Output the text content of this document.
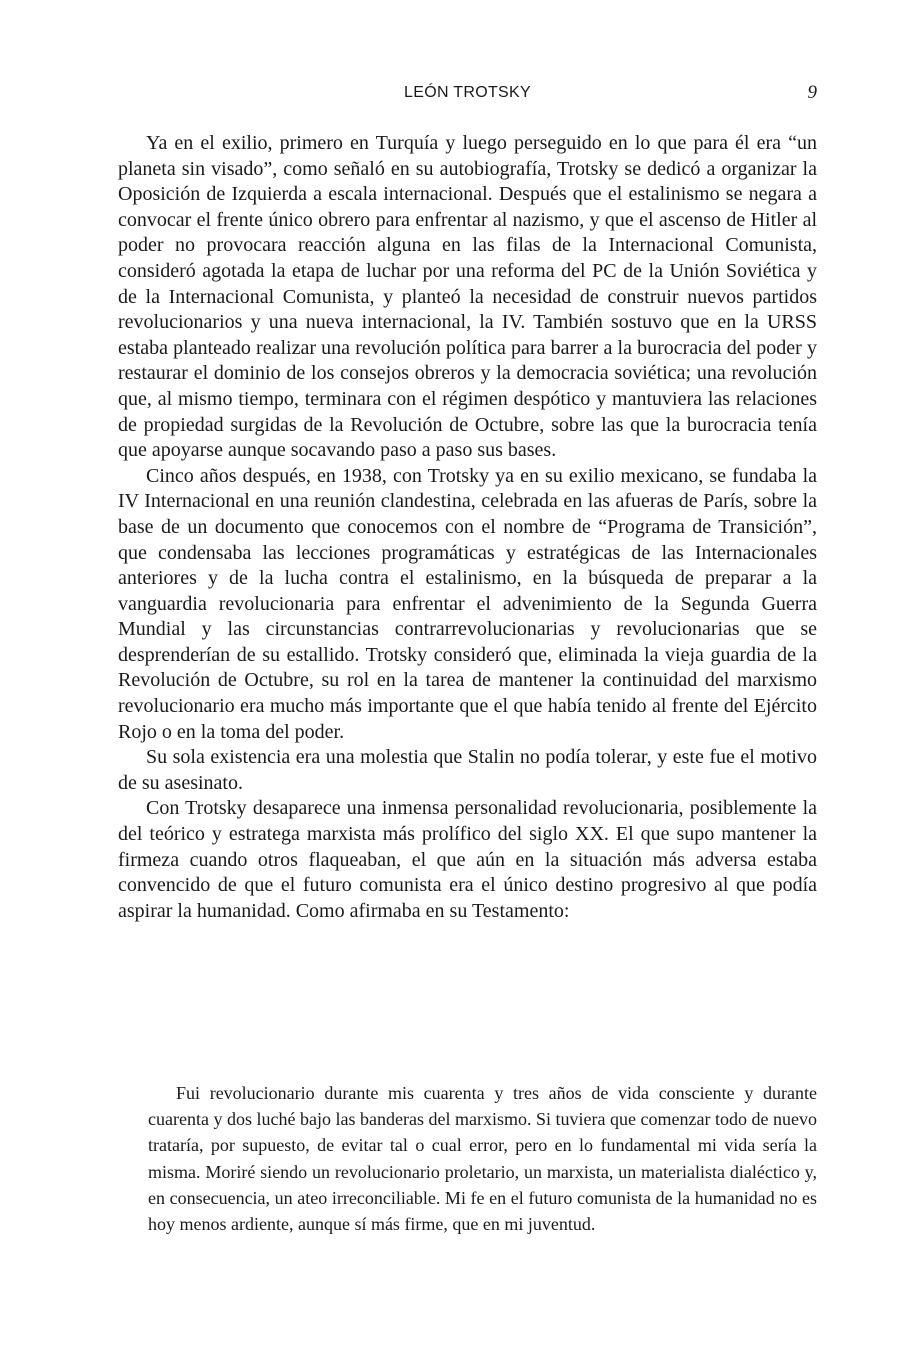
LEÓN TROTSKY	9

Ya en el exilio, primero en Turquía y luego perseguido en lo que para él era “un planeta sin visado”, como señaló en su autobiografía, Trotsky se dedicó a organizar la Oposición de Izquierda a escala internacional. Después que el estalinismo se negara a convocar el frente único obrero para enfrentar al nazismo, y que el ascenso de Hitler al poder no provocara reacción alguna en las filas de la Internacional Comunista, consideró agotada la etapa de luchar por una reforma del PC de la Unión Soviética y de la Internacional Comunista, y planteó la necesidad de construir nuevos partidos revolucionarios y una nueva internacional, la IV. También sostuvo que en la URSS estaba planteado realizar una revolución política para barrer a la burocracia del poder y restaurar el dominio de los consejos obreros y la democracia soviética; una revolución que, al mismo tiempo, terminara con el régimen despótico y mantuviera las relaciones de propiedad surgidas de la Revolución de Octubre, sobre las que la burocracia tenía que apoyarse aunque socavando paso a paso sus bases.

Cinco años después, en 1938, con Trotsky ya en su exilio mexicano, se fundaba la IV Internacional en una reunión clandestina, celebrada en las afueras de París, sobre la base de un documento que conocemos con el nombre de “Programa de Transición”, que condensaba las lecciones programáticas y estratégicas de las Internacionales anteriores y de la lucha contra el estalinismo, en la búsqueda de preparar a la vanguardia revolucionaria para enfrentar el advenimiento de la Segunda Guerra Mundial y las circunstancias contrarrevolucionarias y revolucionarias que se desprenderían de su estallido. Trotsky consideró que, eliminada la vieja guardia de la Revolución de Octubre, su rol en la tarea de mantener la continuidad del marxismo revolucionario era mucho más importante que el que había tenido al frente del Ejército Rojo o en la toma del poder.

Su sola existencia era una molestia que Stalin no podía tolerar, y este fue el motivo de su asesinato.

Con Trotsky desaparece una inmensa personalidad revolucionaria, posiblemente la del teórico y estratega marxista más prolífico del siglo XX. El que supo mantener la firmeza cuando otros flaqueaban, el que aún en la situación más adversa estaba convencido de que el futuro comunista era el único destino progresivo al que podía aspirar la humanidad. Como afirmaba en su Testamento:

Fui revolucionario durante mis cuarenta y tres años de vida consciente y durante cuarenta y dos luché bajo las banderas del marxismo. Si tuviera que comenzar todo de nuevo trataría, por supuesto, de evitar tal o cual error, pero en lo fundamental mi vida sería la misma. Moriré siendo un revolucionario proletario, un marxista, un materialista dialéctico y, en consecuencia, un ateo irreconciliable. Mi fe en el futuro comunista de la humanidad no es hoy menos ardiente, aunque sí más firme, que en mi juventud.
